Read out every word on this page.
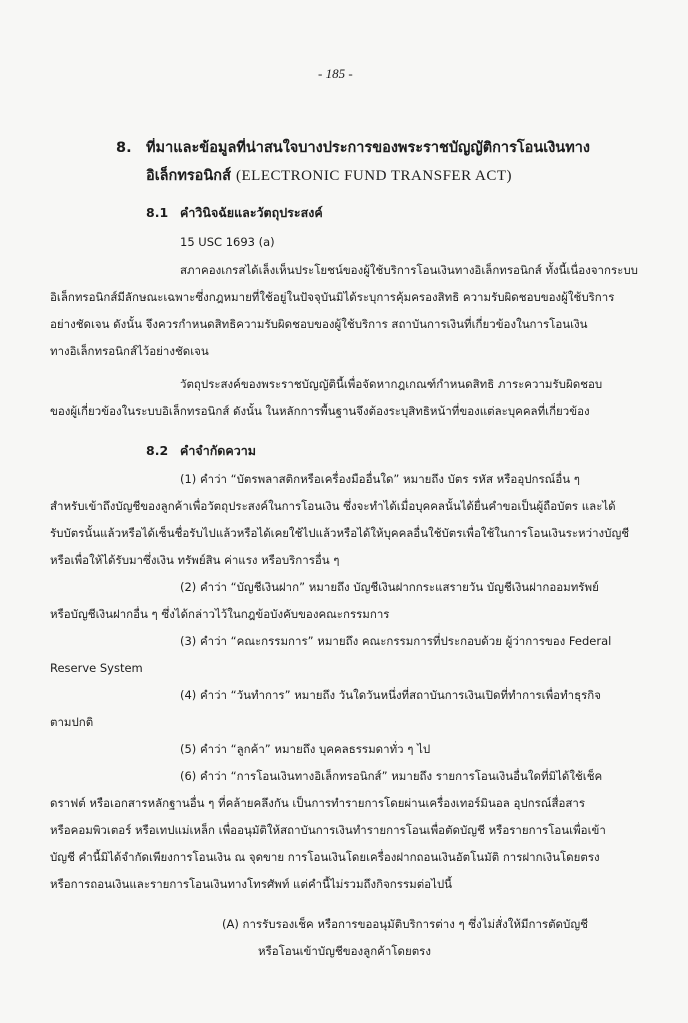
- 185 -
8. ที่มาและข้อมูลที่น่าสนใจบางประการของพระราชบัญญัติการโอนเงินทาง
อิเล็กทรอนิกส์ (ELECTRONIC FUND TRANSFER ACT)
8.1 คำวินิจฉัยและวัตถุประสงค์
15 USC 1693 (a)
สภาคองเกรสได้เล็งเห็นประโยชน์ของผู้ใช้บริการโอนเงินทางอิเล็กทรอนิกส์ ทั้งนี้เนื่องจากระบบ
อิเล็กทรอนิกส์มีลักษณะเฉพาะซึ่งกฎหมายที่ใช้อยู่ในปัจจุบันมิได้ระบุการคุ้มครองสิทธิ ความรับผิดชอบของผู้ใช้บริการ
อย่างชัดเจน ดังนั้น จึงควรกำหนดสิทธิความรับผิดชอบของผู้ใช้บริการ สถาบันการเงินที่เกี่ยวข้องในการโอนเงิน
ทางอิเล็กทรอนิกส์ไว้อย่างชัดเจน
วัตถุประสงค์ของพระราชบัญญัตินี้เพื่อจัดหากฎเกณฑ์กำหนดสิทธิ ภาระความรับผิดชอบ
ของผู้เกี่ยวข้องในระบบอิเล็กทรอนิกส์ ดังนั้น ในหลักการพื้นฐานจึงต้องระบุสิทธิหน้าที่ของแต่ละบุคคลที่เกี่ยวข้อง
8.2 คำจำกัดความ
(1) คำว่า “บัตรพลาสติกหรือเครื่องมืออื่นใด” หมายถึง บัตร รหัส หรืออุปกรณ์อื่น ๆ
สำหรับเข้าถึงบัญชีของลูกค้าเพื่อวัตถุประสงค์ในการโอนเงิน ซึ่งจะทำได้เมื่อบุคคลนั้นได้ยื่นคำขอเป็นผู้ถือบัตร และได้
รับบัตรนั้นแล้วหรือได้เซ็นชื่อรับไปแล้วหรือได้เคยใช้ไปแล้วหรือได้ให้บุคคลอื่นใช้บัตรเพื่อใช้ในการโอนเงินระหว่างบัญชี
หรือเพื่อให้ได้รับมาซึ่งเงิน ทรัพย์สิน ค่าแรง หรือบริการอื่น ๆ
(2) คำว่า “บัญชีเงินฝาก” หมายถึง บัญชีเงินฝากกระแสรายวัน บัญชีเงินฝากออมทรัพย์
หรือบัญชีเงินฝากอื่น ๆ ซึ่งได้กล่าวไว้ในกฎข้อบังคับของคณะกรรมการ
(3) คำว่า “คณะกรรมการ” หมายถึง คณะกรรมการที่ประกอบด้วย ผู้ว่าการของ Federal
Reserve System
(4) คำว่า “วันทำการ” หมายถึง วันใดวันหนึ่งที่สถาบันการเงินเปิดที่ทำการเพื่อทำธุรกิจ
ตามปกติ
(5) คำว่า “ลูกค้า” หมายถึง บุคคลธรรมดาทั่ว ๆ ไป
(6) คำว่า “การโอนเงินทางอิเล็กทรอนิกส์” หมายถึง รายการโอนเงินอื่นใดที่มิได้ใช้เช็ค
ดราฟต์ หรือเอกสารหลักฐานอื่น ๆ ที่คล้ายคลึงกัน เป็นการทำรายการโดยผ่านเครื่องเทอร์มินอล อุปกรณ์สื่อสาร
หรือคอมพิวเตอร์ หรือเทปแม่เหล็ก เพื่ออนุมัติให้สถาบันการเงินทำรายการโอนเพื่อตัดบัญชี หรือรายการโอนเพื่อเข้า
บัญชี คำนี้มิได้จำกัดเพียงการโอนเงิน ณ จุดขาย การโอนเงินโดยเครื่องฝากถอนเงินอัตโนมัติ การฝากเงินโดยตรง
หรือการถอนเงินและรายการโอนเงินทางโทรศัพท์ แต่คำนี้ไม่รวมถึงกิจกรรมต่อไปนี้
(A) การรับรองเช็ค หรือการขออนุมัติบริการต่าง ๆ ซึ่งไม่สั่งให้มีการตัดบัญชี
หรือโอนเข้าบัญชีของลูกค้าโดยตรง
